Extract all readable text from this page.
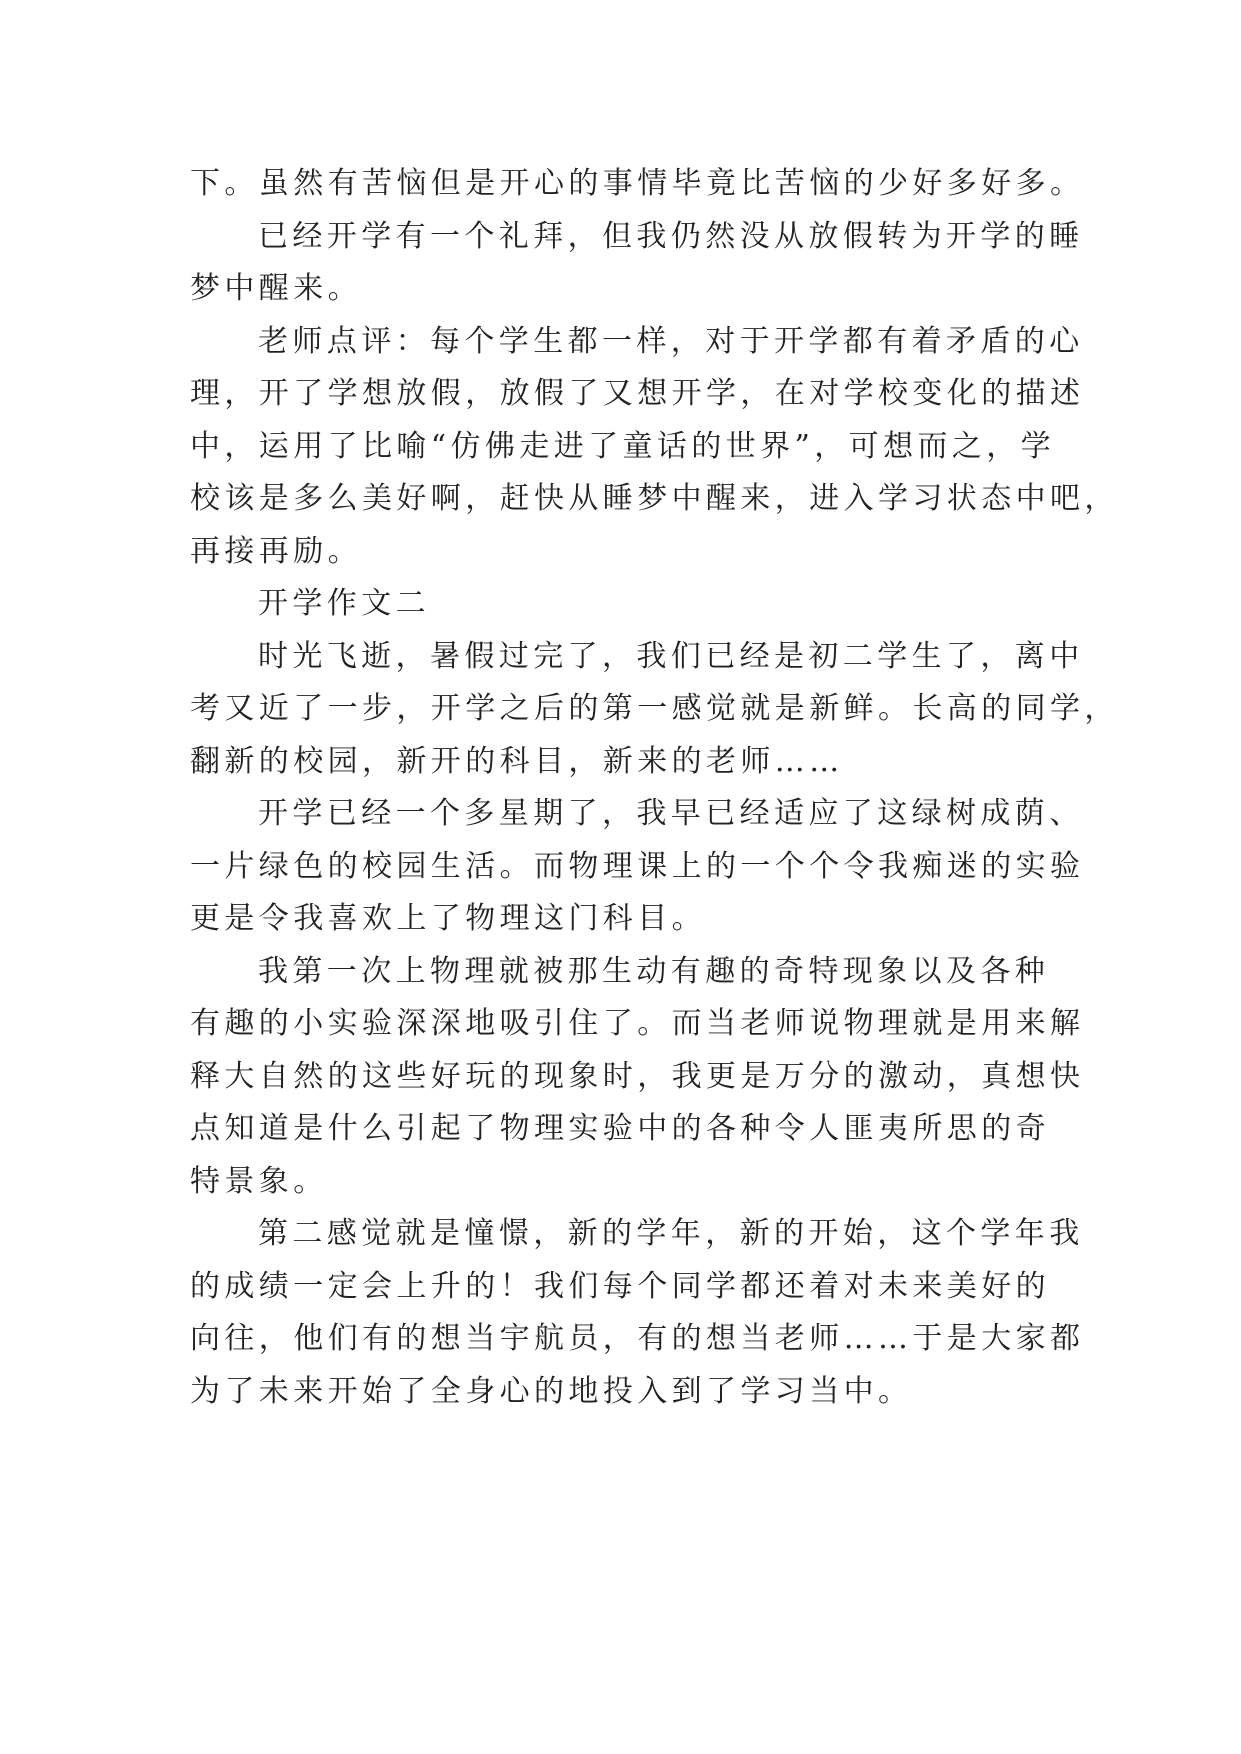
下。虽然有苦恼但是开心的事情毕竟比苦恼的少好多好多。
已经开学有一个礼拜，但我仍然没从放假转为开学的睡
梦中醒来。
老师点评：每个学生都一样，对于开学都有着矛盾的心
理，开了学想放假，放假了又想开学，在对学校变化的描述
中，运用了比喻“仿佛走进了童话的世界”，可想而之，学
校该是多么美好啊，赶快从睡梦中醒来，进入学习状态中吧，
再接再励。
开学作文二
时光飞逝，暑假过完了，我们已经是初二学生了，离中
考又近了一步，开学之后的第一感觉就是新鲜。长高的同学，
翻新的校园，新开的科目，新来的老师……
开学已经一个多星期了，我早已经适应了这绿树成荫、
一片绿色的校园生活。而物理课上的一个个令我痴迷的实验
更是令我喜欢上了物理这门科目。
我第一次上物理就被那生动有趣的奇特现象以及各种
有趣的小实验深深地吸引住了。而当老师说物理就是用来解
释大自然的这些好玩的现象时，我更是万分的激动，真想快
点知道是什么引起了物理实验中的各种令人匪夷所思的奇
特景象。
第二感觉就是憧憬，新的学年，新的开始，这个学年我
的成绩一定会上升的！我们每个同学都还着对未来美好的
向往，他们有的想当宇航员，有的想当老师……于是大家都
为了未来开始了全身心的地投入到了学习当中。
